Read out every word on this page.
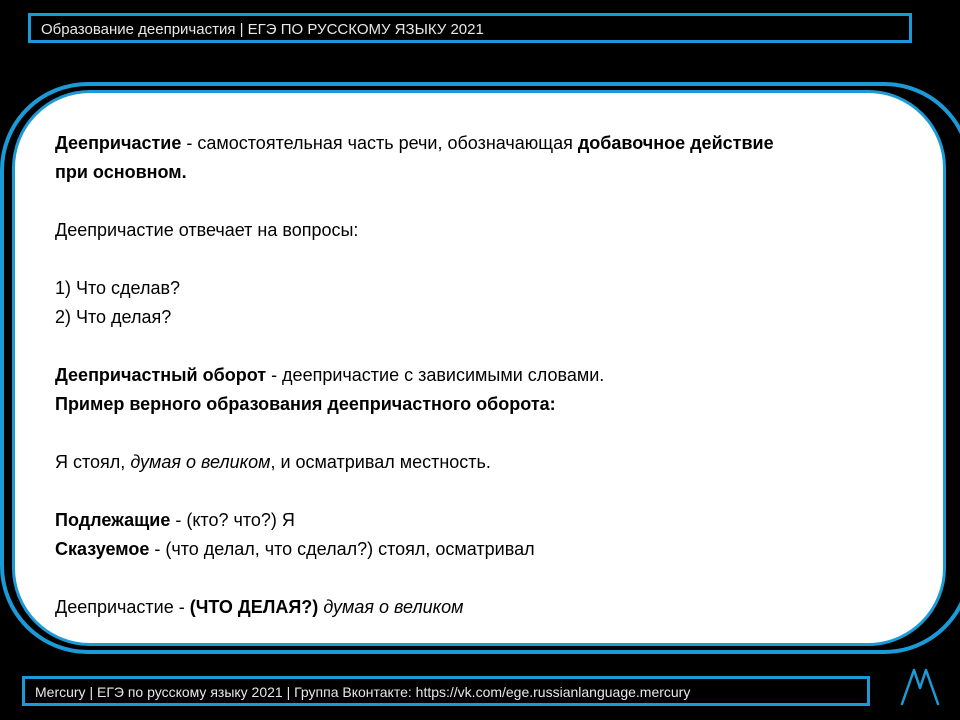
Образование деепричастия | ЕГЭ ПО РУССКОМУ ЯЗЫКУ 2021

Деепричастие - самостоятельная часть речи, обозначающая добавочное действие

при основном.

Деепричастие отвечает на вопросы:

1) Что сделав?

2) Что делая?

Деепричастный оборот - деепричастие с зависимыми словами.

Пример верного образования деепричастного оборота:

Я стоял, думая о великом, и осматривал местность.

Подлежащие - (кто? что?) Я

Сказуемое - (что делал, что сделал?) стоял, осматривал

Деепричастие - (ЧТО ДЕЛАЯ?) думая о великом

Mercury | ЕГЭ по русскому языку 2021 | Группа Вконтакте: https://vk.com/ege.russianlanguage.mercury
